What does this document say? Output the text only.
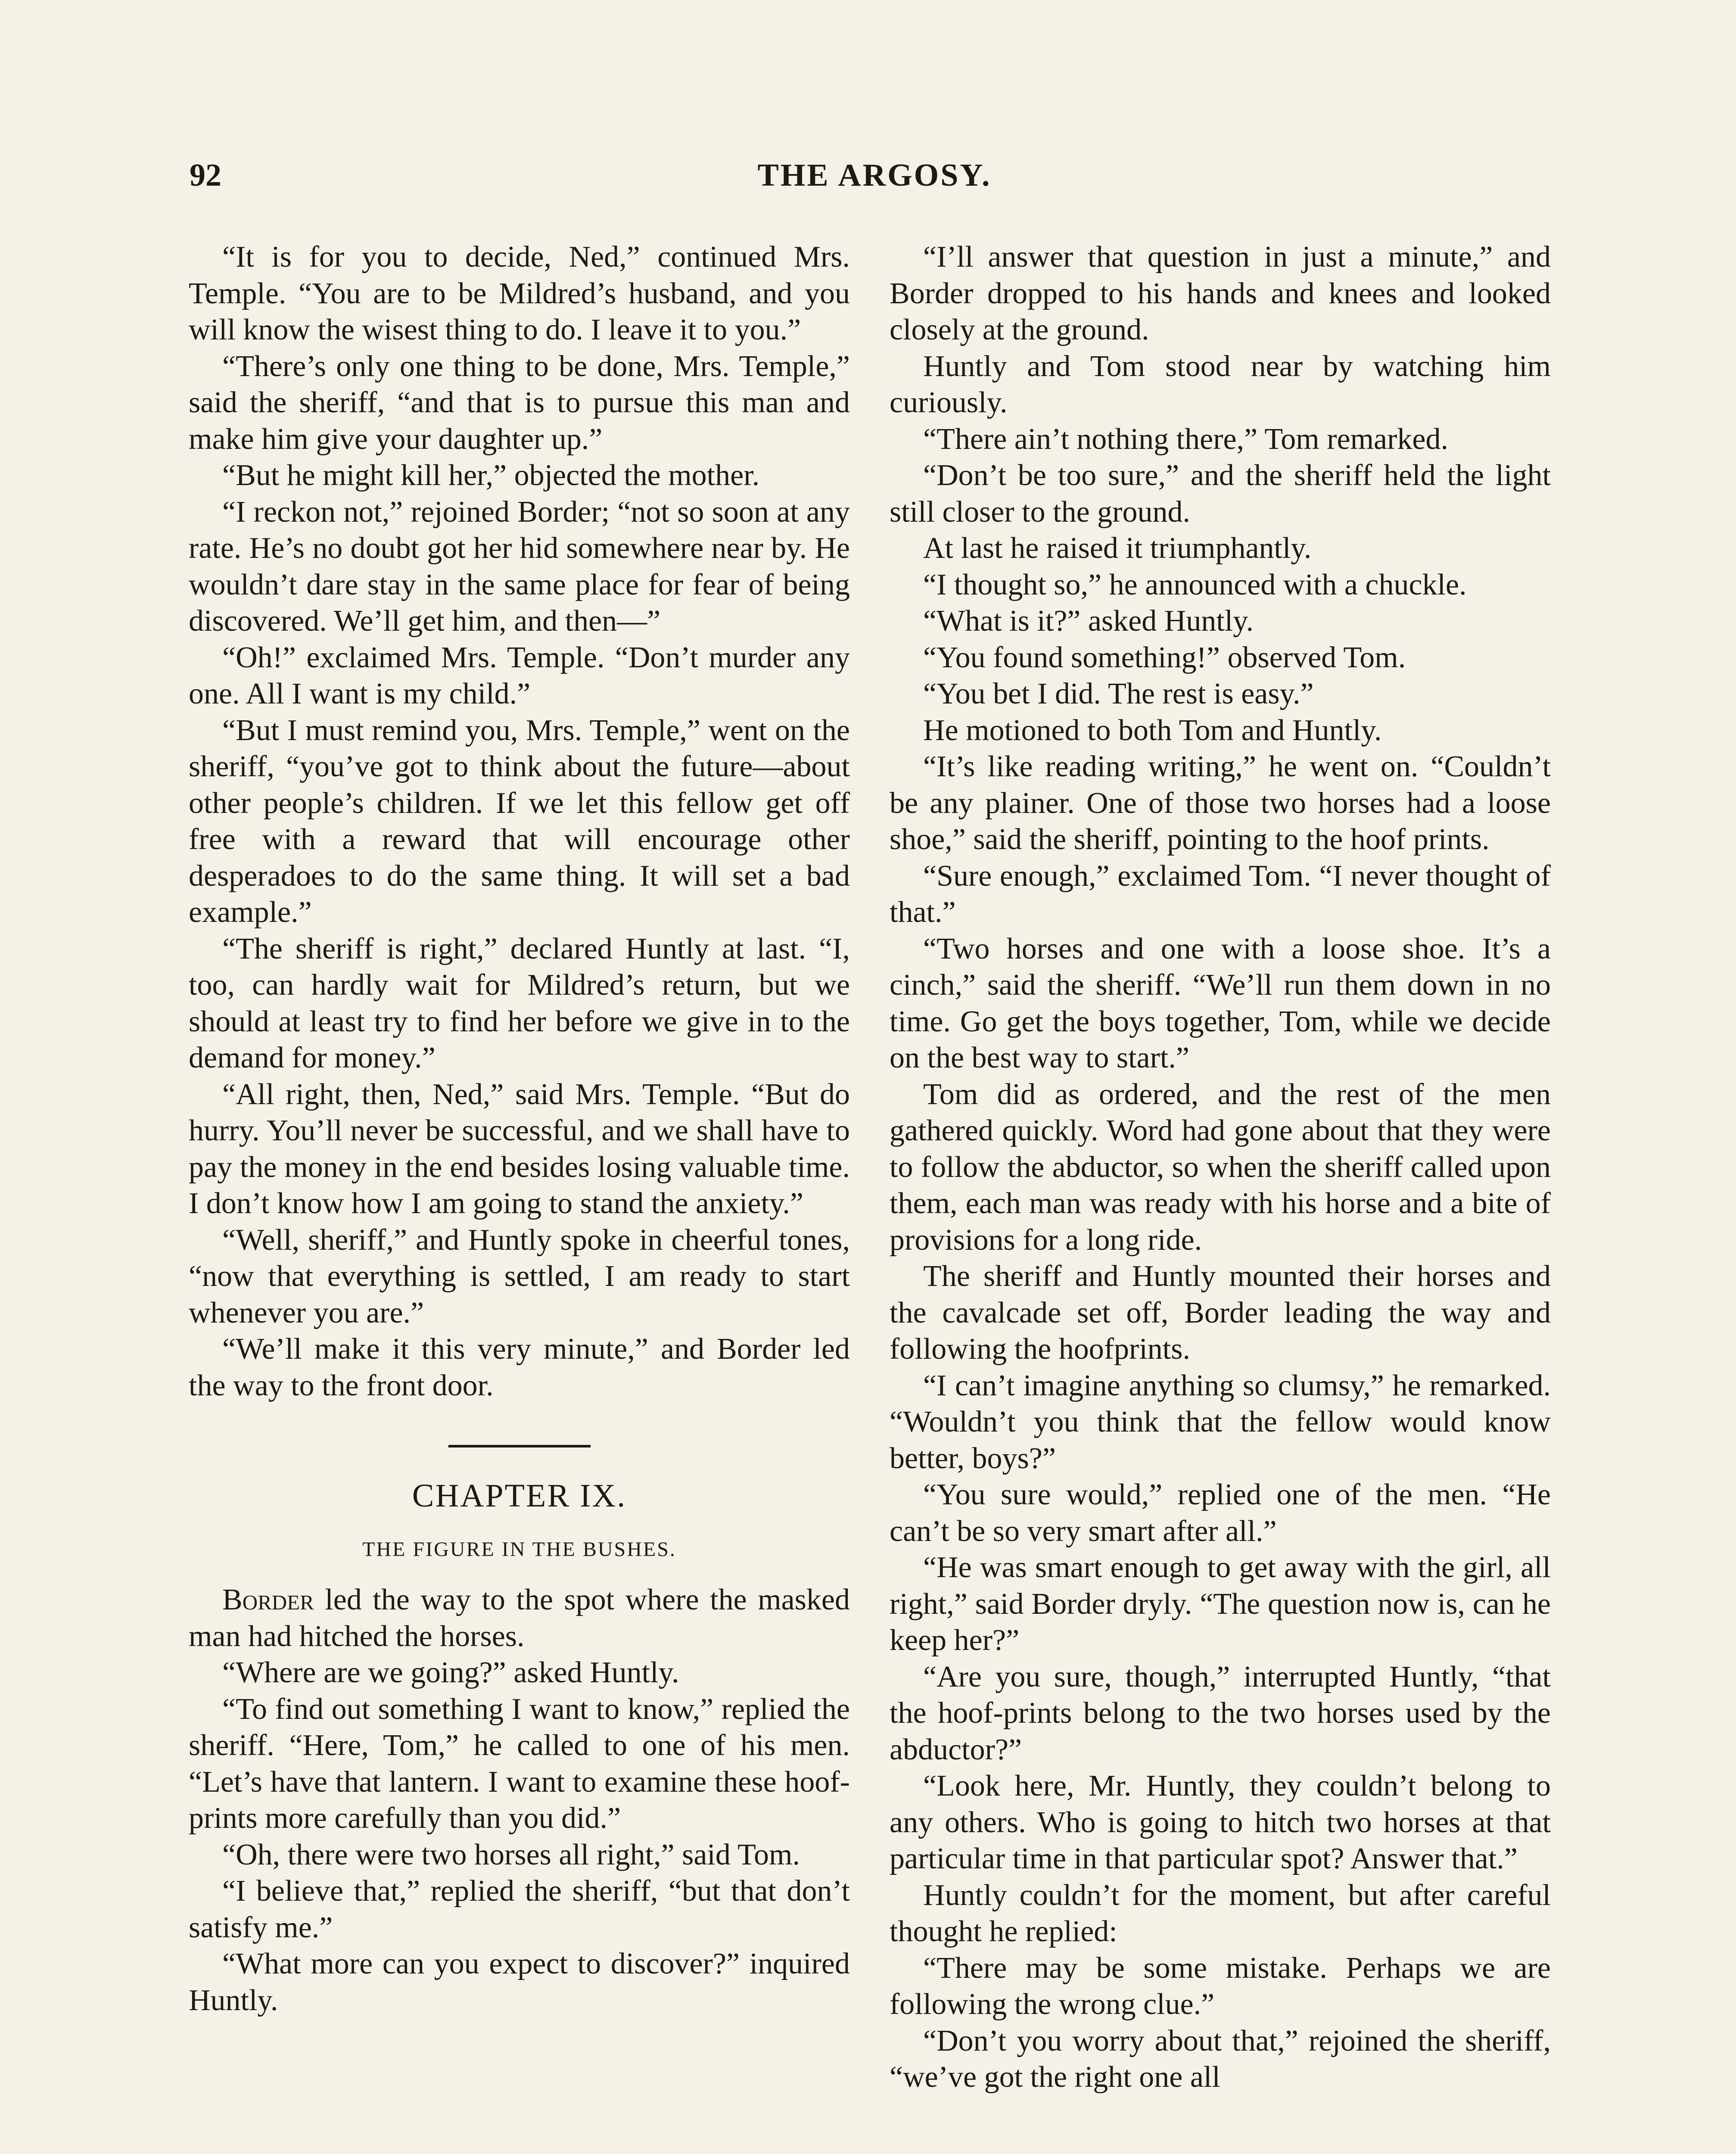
92	THE ARGOSY.

“It is for you to decide, Ned,” continued Mrs. Temple. “You are to be Mildred’s husband, and you will know the wisest thing to do. I leave it to you.”

“There’s only one thing to be done, Mrs. Temple,” said the sheriff, “and that is to pursue this man and make him give your daughter up.”

“But he might kill her,” objected the mother.

“I reckon not,” rejoined Border; “not so soon at any rate. He’s no doubt got her hid somewhere near by. He wouldn’t dare stay in the same place for fear of being discovered. We’ll get him, and then—”

“Oh!” exclaimed Mrs. Temple. “Don’t murder any one. All I want is my child.”

“But I must remind you, Mrs. Temple,” went on the sheriff, “you’ve got to think about the future—about other people’s children. If we let this fellow get off free with a reward that will encourage other desperadoes to do the same thing. It will set a bad example.”

“The sheriff is right,” declared Huntly at last. “I, too, can hardly wait for Mildred’s return, but we should at least try to find her before we give in to the demand for money.”

“All right, then, Ned,” said Mrs. Temple. “But do hurry. You’ll never be successful, and we shall have to pay the money in the end besides losing valuable time. I don’t know how I am going to stand the anxiety.”

“Well, sheriff,” and Huntly spoke in cheerful tones, “now that everything is settled, I am ready to start whenever you are.”

“We’ll make it this very minute,” and Border led the way to the front door.

CHAPTER IX.
THE FIGURE IN THE BUSHES.

Border led the way to the spot where the masked man had hitched the horses.

“Where are we going?” asked Huntly.

“To find out something I want to know,” replied the sheriff. “Here, Tom,” he called to one of his men. “Let’s have that lantern. I want to examine these hoof-prints more carefully than you did.”

“Oh, there were two horses all right,” said Tom.

“I believe that,” replied the sheriff, “but that don’t satisfy me.”

“What more can you expect to discover?” inquired Huntly.

“I’ll answer that question in just a minute,” and Border dropped to his hands and knees and looked closely at the ground.

Huntly and Tom stood near by watching him curiously.

“There ain’t nothing there,” Tom remarked.

“Don’t be too sure,” and the sheriff held the light still closer to the ground.

At last he raised it triumphantly.

“I thought so,” he announced with a chuckle.

“What is it?” asked Huntly.

“You found something!” observed Tom.

“You bet I did. The rest is easy.”

He motioned to both Tom and Huntly.

“It’s like reading writing,” he went on. “Couldn’t be any plainer. One of those two horses had a loose shoe,” said the sheriff, pointing to the hoof prints.

“Sure enough,” exclaimed Tom. “I never thought of that.”

“Two horses and one with a loose shoe. It’s a cinch,” said the sheriff. “We’ll run them down in no time. Go get the boys together, Tom, while we decide on the best way to start.”

Tom did as ordered, and the rest of the men gathered quickly. Word had gone about that they were to follow the abductor, so when the sheriff called upon them, each man was ready with his horse and a bite of provisions for a long ride.

The sheriff and Huntly mounted their horses and the cavalcade set off, Border leading the way and following the hoofprints.

“I can’t imagine anything so clumsy,” he remarked. “Wouldn’t you think that the fellow would know better, boys?”

“You sure would,” replied one of the men. “He can’t be so very smart after all.”

“He was smart enough to get away with the girl, all right,” said Border dryly. “The question now is, can he keep her?”

“Are you sure, though,” interrupted Huntly, “that the hoof-prints belong to the two horses used by the abductor?”

“Look here, Mr. Huntly, they couldn’t belong to any others. Who is going to hitch two horses at that particular time in that particular spot? Answer that.”

Huntly couldn’t for the moment, but after careful thought he replied:

“There may be some mistake. Perhaps we are following the wrong clue.”

“Don’t you worry about that,” rejoined the sheriff, “we’ve got the right one all
